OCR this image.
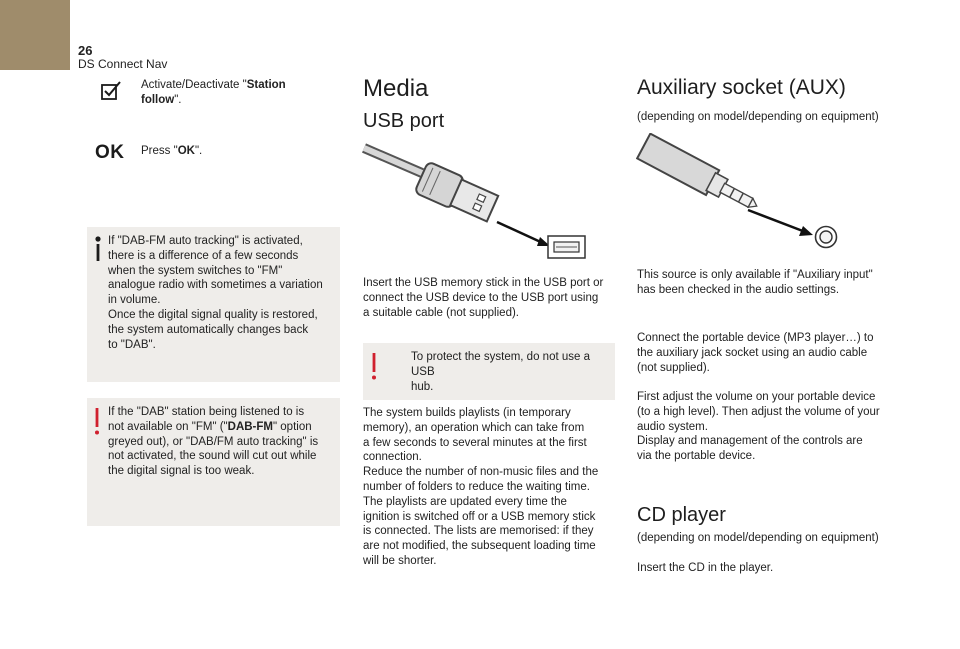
26
DS Connect Nav
Activate/Deactivate "Station follow".
OK Press "OK".
If "DAB-FM auto tracking" is activated,
there is a difference of a few seconds
when the system switches to "FM"
analogue radio with sometimes a variation
in volume.
Once the digital signal quality is restored,
the system automatically changes back
to "DAB".
If the "DAB" station being listened to is
not available on "FM" ("DAB-FM" option
greyed out), or "DAB/FM auto tracking" is
not activated, the sound will cut out while
the digital signal is too weak.
Media
USB port
Insert the USB memory stick in the USB port or
connect the USB device to the USB port using
a suitable cable (not supplied).
To protect the system, do not use a USB
hub.
The system builds playlists (in temporary
memory), an operation which can take from
a few seconds to several minutes at the first
connection.
Reduce the number of non-music files and the
number of folders to reduce the waiting time.
The playlists are updated every time the
ignition is switched off or a USB memory stick
is connected. The lists are memorised: if they
are not modified, the subsequent loading time
will be shorter.
Auxiliary socket (AUX)
(depending on model/depending on equipment)
This source is only available if "Auxiliary input"
has been checked in the audio settings.
Connect the portable device (MP3 player…) to
the auxiliary jack socket using an audio cable
(not supplied).
First adjust the volume on your portable device
(to a high level). Then adjust the volume of your
audio system.
Display and management of the controls are
via the portable device.
CD player
(depending on model/depending on equipment)
Insert the CD in the player.
